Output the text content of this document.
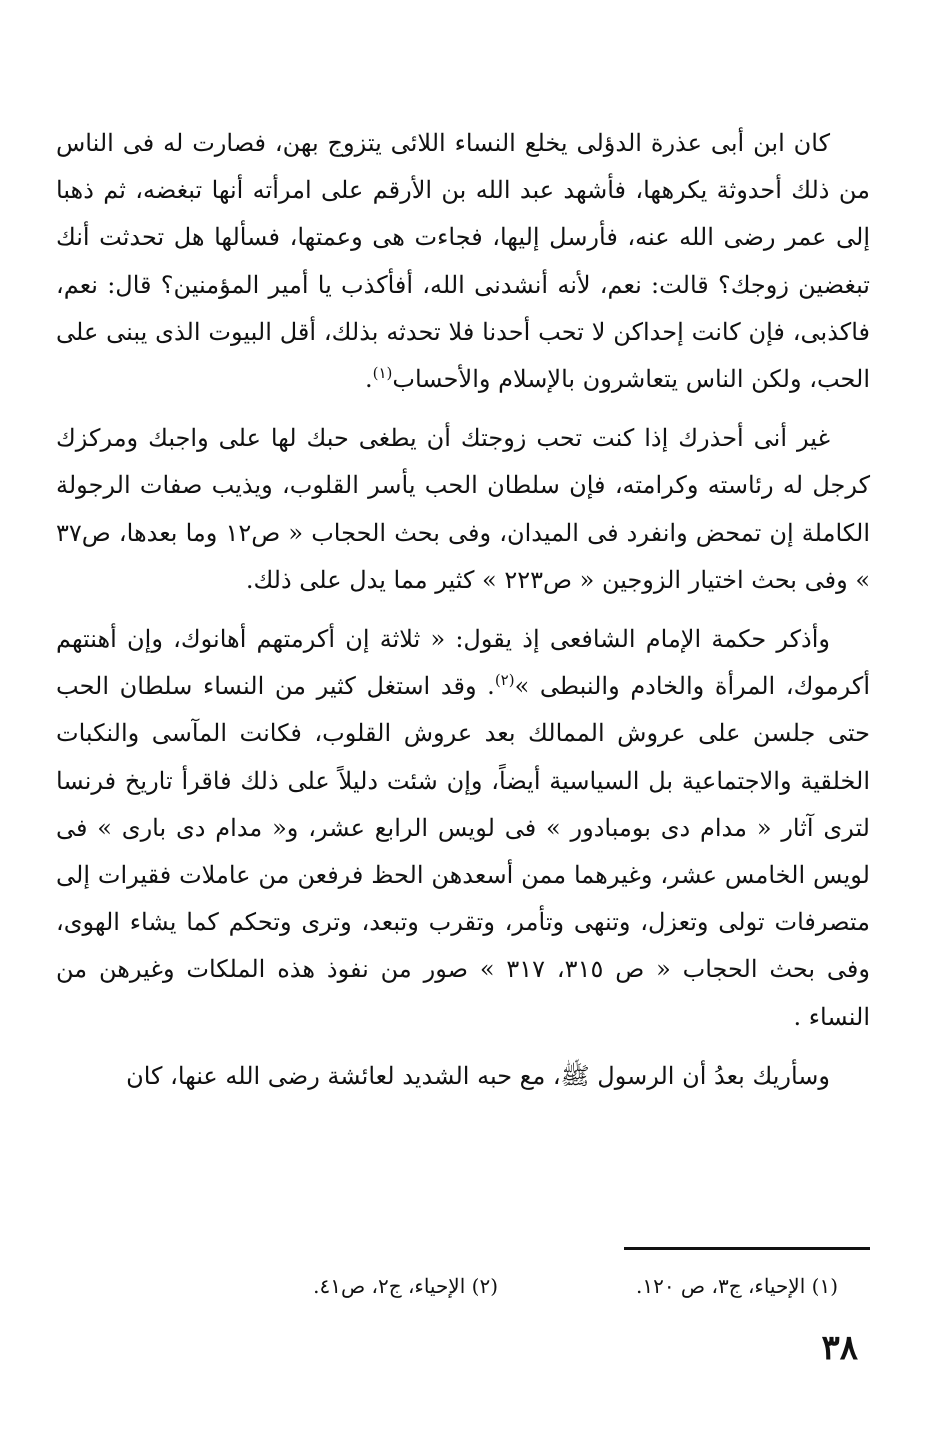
كان ابن أبى عذرة الدؤلى يخلع النساء اللائى يتزوج بهن، فصارت له فى الناس من ذلك أحدوثة يكرهها، فأشهد عبد الله بن الأرقم على امرأته أنها تبغضه، ثم ذهبا إلى عمر رضى الله عنه، فأرسل إليها، فجاءت هى وعمتها، فسألها هل تحدثت أنك تبغضين زوجك؟ قالت: نعم، لأنه أنشدنى الله، أفأكذب يا أمير المؤمنين؟ قال: نعم، فاكذبى، فإن كانت إحداكن لا تحب أحدنا فلا تحدثه بذلك، أقل البيوت الذى يبنى على الحب، ولكن الناس يتعاشرون بالإسلام والأحساب$^{(١)}$.

غير أنى أحذرك إذا كنت تحب زوجتك أن يطغى حبك لها على واجبك ومركزك كرجل له رئاسته وكرامته، فإن سلطان الحب يأسر القلوب، ويذيب صفات الرجولة الكاملة إن تمحض وانفرد فى الميدان، وفى بحث الحجاب « ص١٢ وما بعدها، ص٣٧ » وفى بحث اختيار الزوجين « ص٢٢٣ » كثير مما يدل على ذلك.

وأذكر حكمة الإمام الشافعى إذ يقول: « ثلاثة إن أكرمتهم أهانوك، وإن أهنتهم أكرموك، المرأة والخادم والنبطى »$^{(٢)}$. وقد استغل كثير من النساء سلطان الحب حتى جلسن على عروش الممالك بعد عروش القلوب، فكانت المآسى والنكبات الخلقية والاجتماعية بل السياسية أيضاً، وإن شئت دليلاً على ذلك فاقرأ تاريخ فرنسا لترى آثار « مدام دى بومبادور » فى لويس الرابع عشر، و« مدام دى بارى » فى لويس الخامس عشر، وغيرهما ممن أسعدهن الحظ فرفعن من عاملات فقيرات إلى متصرفات تولى وتعزل، وتنهى وتأمر، وتقرب وتبعد، وترى وتحكم كما يشاء الهوى، وفى بحث الحجاب « ص ٣١٥، ٣١٧ » صور من نفوذ هذه الملكات وغيرهن من النساء .

وسأريك بعدُ أن الرسول ﷺ، مع حبه الشديد لعائشة رضى الله عنها، كان

(١) الإحياء، ج٣، ص ١٢٠.
(٢) الإحياء، ج٢، ص٤١.
٣٨
